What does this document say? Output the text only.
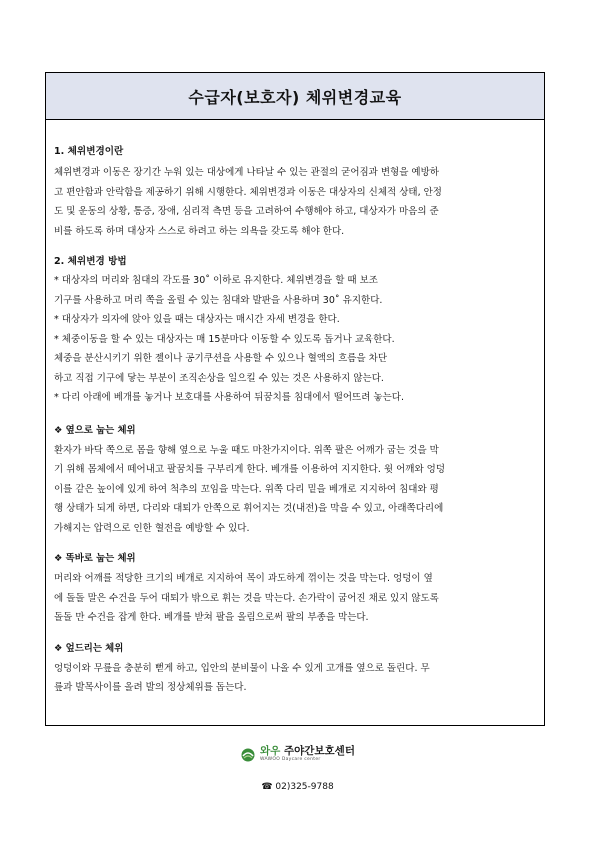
수급자(보호자) 체위변경교육

1. 체위변경이란

체위변경과 이동은 장기간 누워 있는 대상에게 나타날 수 있는 관절의 굳어짐과 변형을 예방하

고 편안함과 안락함을 제공하기 위해 시행한다. 체위변경과 이동은 대상자의 신체적 상태, 안정

도 및 운동의 상황, 통증, 장애, 심리적 측면 등을 고려하여 수행해야 하고, 대상자가 마음의 준

비를 하도록 하며 대상자 스스로 하려고 하는 의욕을 갖도록 해야 한다.

2. 체위변경 방법

* 대상자의 머리와 침대의 각도를 30˚ 이하로 유지한다. 체위변경을 할 때 보조

기구를 사용하고 머리 쪽을 올릴 수 있는 침대와 발판을 사용하며 30˚ 유지한다.

* 대상자가 의자에 앉아 있을 때는 대상자는 매시간 자세 변경을 한다.

* 체중이동을 할 수 있는 대상자는 매 15분마다 이동할 수 있도록 돕거나 교육한다.

체중을 분산시키기 위한 젤이나 공기쿠션을 사용할 수 있으나 혈액의 흐름을 차단

하고 직접 기구에 닿는 부분이 조직손상을 일으킬 수 있는 것은 사용하지 않는다.

* 다리 아래에 베개를 놓거나 보호대를 사용하여 뒤꿈치를 침대에서 떨어뜨려 놓는다.

❖ 옆으로 눕는 체위

환자가 바닥 쪽으로 몸을 향해 옆으로 누울 때도 마찬가지이다. 위쪽 팔은 어깨가 굽는 것을 막

기 위해 몸체에서 떼어내고 팔꿈치를 구부리게 한다. 베개를 이용하여 지지한다. 윗 어깨와 엉덩

이를 같은 높이에 있게 하여 척추의 꼬임을 막는다. 위쪽 다리 밑을 베개로 지지하여 침대와 평

행 상태가 되게 하면, 다리와 대퇴가 안쪽으로 휘어지는 것(내전)을 막을 수 있고, 아래쪽다리에

가해지는 압력으로 인한 혈전을 예방할 수 있다.

❖ 똑바로 눕는 체위

머리와 어깨를 적당한 크기의 베개로 지지하여 목이 과도하게 꺾이는 것을 막는다. 엉덩이 옆

에 돌돌 말은 수건을 두어 대퇴가 밖으로 휘는 것을 막는다. 손가락이 굽어진 채로 있지 않도록

돌돌 만 수건을 잡게 한다. 베개를 받쳐 팔을 올림으로써 팔의 부종을 막는다.

❖ 엎드리는 체위

엉덩이와 무릎을 충분히 뻗게 하고, 입안의 분비물이 나올 수 있게 고개를 옆으로 돌린다. 무

릎과 발목사이를 올려 발의 정상체위를 돕는다.

와우 주야간보호센터
WAWOO Daycare center
☎ 02)325-9788
